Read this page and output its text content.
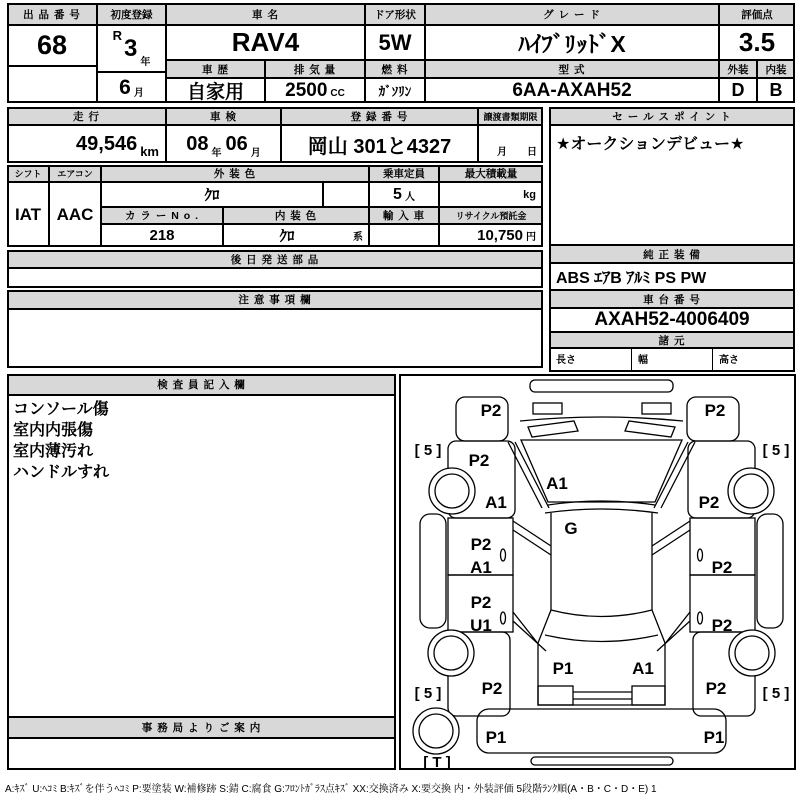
出 品 番 号
68
初度登録
R 3
年
6 月
車 名
RAV4
車 歴
自家用
排 気 量
2500 CC
ドア形状
5W
燃 料
ｶﾞｿﾘﾝ
グ レ ー ド
ﾊｲﾌﾞﾘｯﾄﾞX
型 式
6AA-AXAH52
評価点
3.5
外装	内装
D	B
走 行
49,546 km
車 検
08 年 06 月
登 録 番 号
岡山 301と4327
譲渡書類期限
月　　日
シフト	エアコン
IAT AAC
外 装 色
ｸﾛ
乗車定員
5 人
最大積載量
kg
カ ラ ー N o .
218
内 装 色
ｸﾛ	系
輸 入 車	リサイクル預託金
10,750 円
後 日 発 送 部 品
注 意 事 項 欄
セ ー ル ス ポ イ ン ト
★オークションデビュー★
純 正 装 備
ABS ｴｱB ｱﾙﾐ PS PW
車 台 番 号
AXAH52-4006409
諸 元
長さ	幅	高さ
検 査 員 記 入 欄
コンソール傷
室内内張傷
室内薄汚れ
ハンドルすれ
事 務 局 よ り ご 案 内
A:ｷｽﾞ U:ﾍｺﾐ B:ｷｽﾞを伴うﾍｺﾐ P:要塗装 W:補修跡 S:錆 C:腐食 G:ﾌﾛﾝﾄｶﾞﾗｽ点ｷｽﾞ XX:交換済み X:要交換 内・外装評価 5段階ﾗﾝｸ順(A・B・C・D・E) 1
P2	P2
[ 5 ]	[ 5 ]
P2
A1
A1	P2
G
P2
A1	P2
P2
U1	P2
P1	A1
P2	P2
[ 5 ]	[ 5 ]
P1	P1
[ T ]
